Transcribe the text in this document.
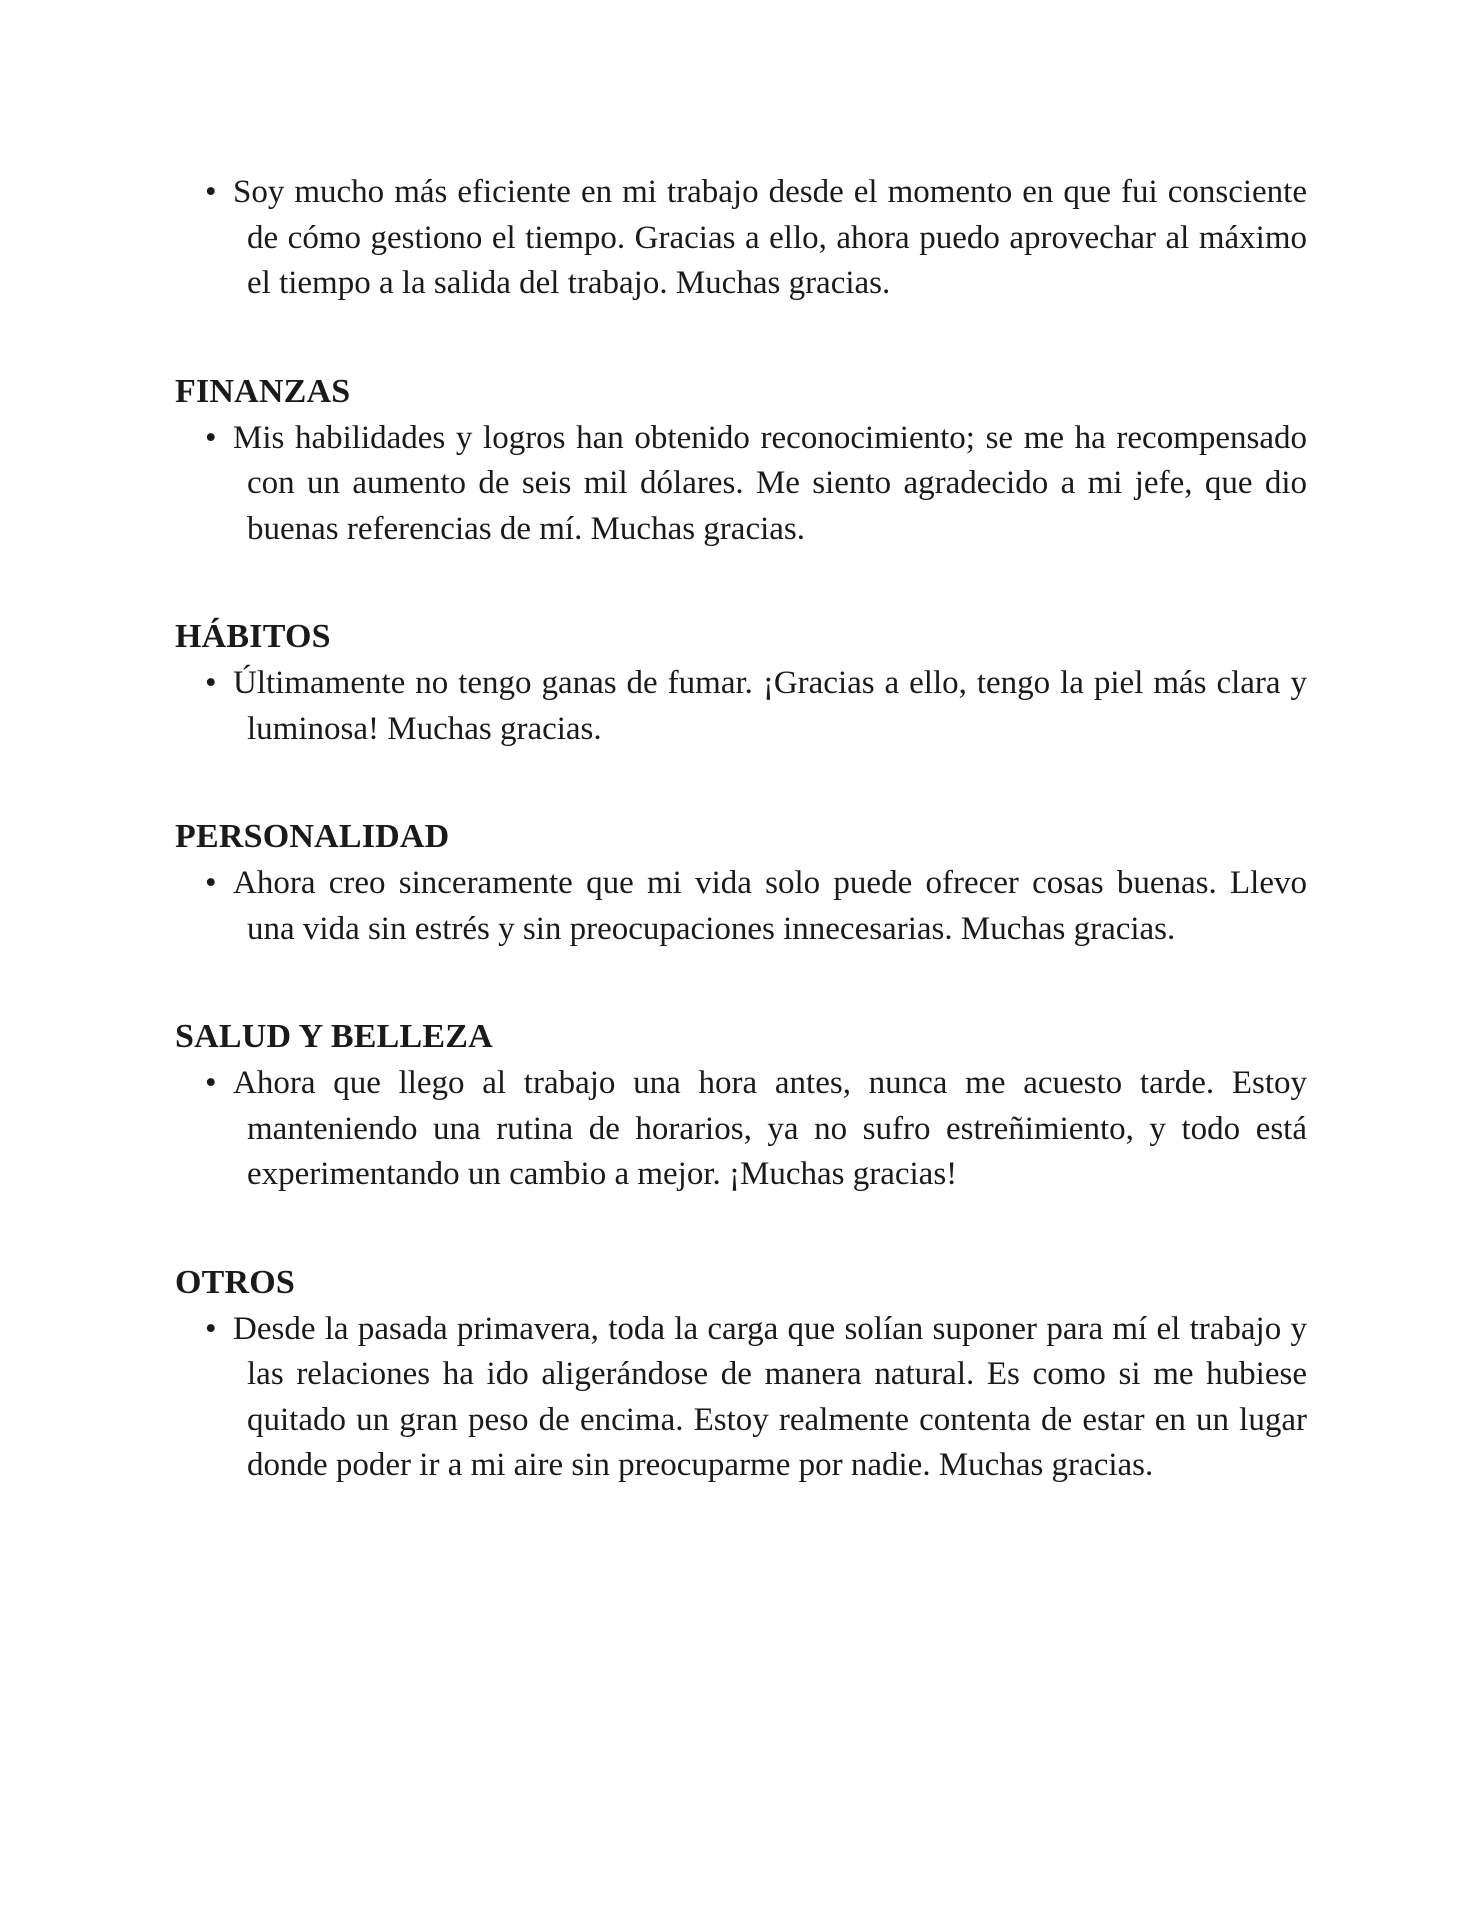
• Soy mucho más eficiente en mi trabajo desde el momento en que fui consciente de cómo gestiono el tiempo. Gracias a ello, ahora puedo aprovechar al máximo el tiempo a la salida del trabajo. Muchas gracias.

FINANZAS

• Mis habilidades y logros han obtenido reconocimiento; se me ha recompensado con un aumento de seis mil dólares. Me siento agradecido a mi jefe, que dio buenas referencias de mí. Muchas gracias.

HÁBITOS

• Últimamente no tengo ganas de fumar. ¡Gracias a ello, tengo la piel más clara y luminosa! Muchas gracias.

PERSONALIDAD

• Ahora creo sinceramente que mi vida solo puede ofrecer cosas buenas. Llevo una vida sin estrés y sin preocupaciones innecesarias. Muchas gracias.

SALUD Y BELLEZA

• Ahora que llego al trabajo una hora antes, nunca me acuesto tarde. Estoy manteniendo una rutina de horarios, ya no sufro estreñimiento, y todo está experimentando un cambio a mejor. ¡Muchas gracias!

OTROS

• Desde la pasada primavera, toda la carga que solían suponer para mí el trabajo y las relaciones ha ido aligerándose de manera natural. Es como si me hubiese quitado un gran peso de encima. Estoy realmente contenta de estar en un lugar donde poder ir a mi aire sin preocuparme por nadie. Muchas gracias.
